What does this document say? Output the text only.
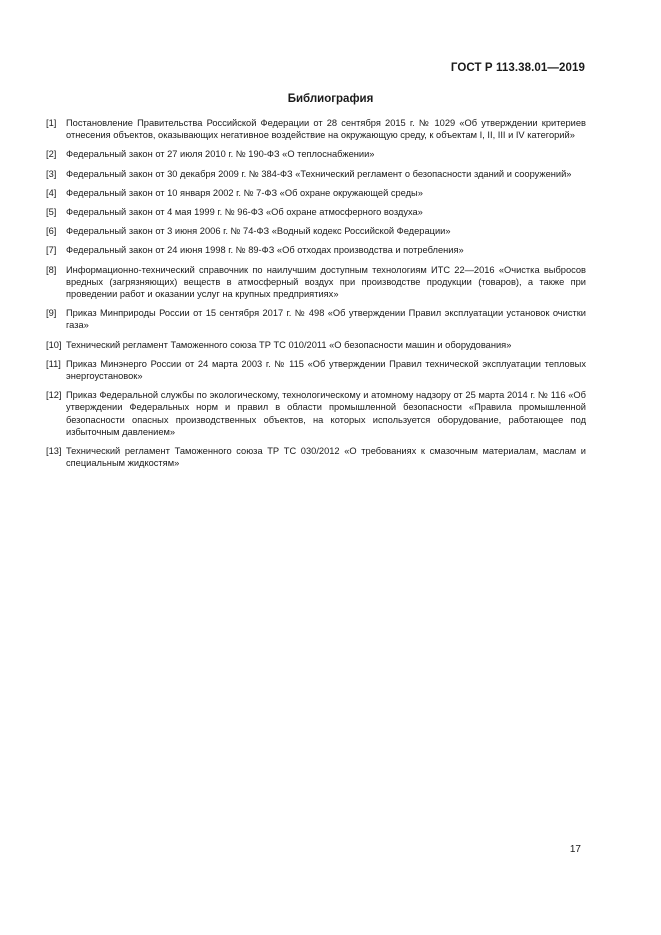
ГОСТ Р 113.38.01—2019
Библиография
[1]	Постановление Правительства Российской Федерации от 28 сентября 2015 г. № 1029 «Об утверждении критериев отнесения объектов, оказывающих негативное воздействие на окружающую среду, к объектам I, II, III и IV категорий»
[2]	Федеральный закон от 27 июля 2010 г. № 190-ФЗ «О теплоснабжении»
[3]	Федеральный закон от 30 декабря 2009 г. № 384-ФЗ «Технический регламент о безопасности зданий и сооружений»
[4]	Федеральный закон от 10 января 2002 г. № 7-ФЗ «Об охране окружающей среды»
[5]	Федеральный закон от 4 мая 1999 г. № 96-ФЗ «Об охране атмосферного воздуха»
[6]	Федеральный закон от 3 июня 2006 г. № 74-ФЗ «Водный кодекс Российской Федерации»
[7]	Федеральный закон от 24 июня 1998 г. № 89-ФЗ «Об отходах производства и потребления»
[8]	Информационно-технический справочник по наилучшим доступным технологиям ИТС 22—2016 «Очистка выбросов вредных (загрязняющих) веществ в атмосферный воздух при производстве продукции (товаров), а также при проведении работ и оказании услуг на крупных предприятиях»
[9]	Приказ Минприроды России от 15 сентября 2017 г. № 498 «Об утверждении Правил эксплуатации установок очистки газа»
[10] Технический регламент Таможенного союза ТР ТС 010/2011 «О безопасности машин и оборудования»
[11] Приказ Минэнерго России от 24 марта 2003 г. № 115 «Об утверждении Правил технической эксплуатации тепловых энергоустановок»
[12] Приказ Федеральной службы по экологическому, технологическому и атомному надзору от 25 марта 2014 г. № 116 «Об утверждении Федеральных норм и правил в области промышленной безопасности «Правила промышленной безопасности опасных производственных объектов, на которых используется оборудование, работающее под избыточным давлением»
[13] Технический регламент Таможенного союза ТР ТС 030/2012 «О требованиях к смазочным материалам, маслам и специальным жидкостям»
17
